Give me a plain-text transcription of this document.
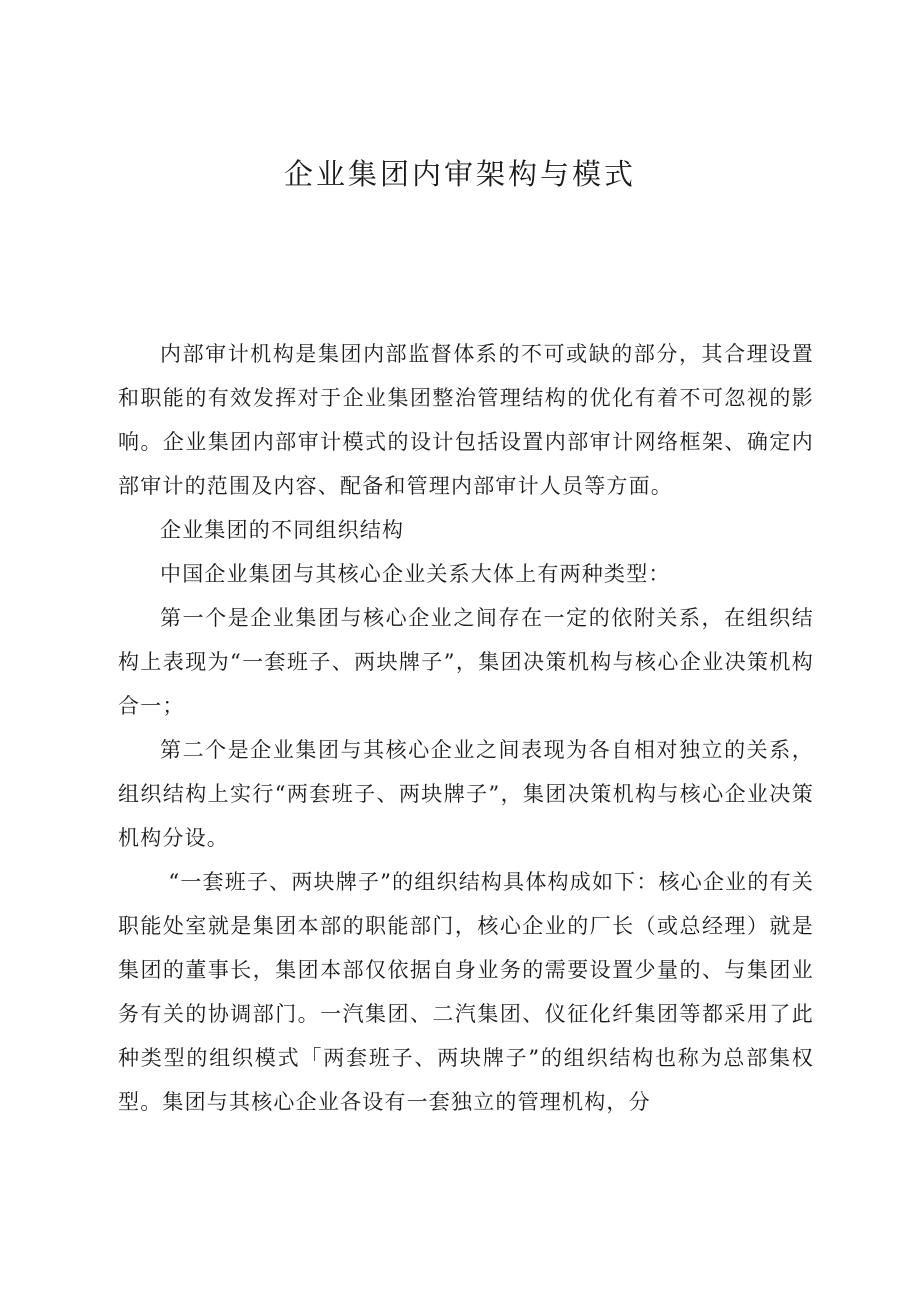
企业集团内审架构与模式

内部审计机构是集团内部监督体系的不可或缺的部分，其合理设置和职能的有效发挥对于企业集团整治管理结构的优化有着不可忽视的影响。企业集团内部审计模式的设计包括设置内部审计网络框架、确定内部审计的范围及内容、配备和管理内部审计人员等方面。

企业集团的不同组织结构

中国企业集团与其核心企业关系大体上有两种类型：

第一个是企业集团与核心企业之间存在一定的依附关系，在组织结构上表现为“一套班子、两块牌子”，集团决策机构与核心企业决策机构合一；

第二个是企业集团与其核心企业之间表现为各自相对独立的关系，组织结构上实行“两套班子、两块牌子”，集团决策机构与核心企业决策机构分设。

“一套班子、两块牌子”的组织结构具体构成如下：核心企业的有关职能处室就是集团本部的职能部门，核心企业的厂长（或总经理）就是集团的董事长，集团本部仅依据自身业务的需要设置少量的、与集团业务有关的协调部门。一汽集团、二汽集团、仪征化纤集团等都采用了此种类型的组织模式「两套班子、两块牌子”的组织结构也称为总部集权型。集团与其核心企业各设有一套独立的管理机构，分
